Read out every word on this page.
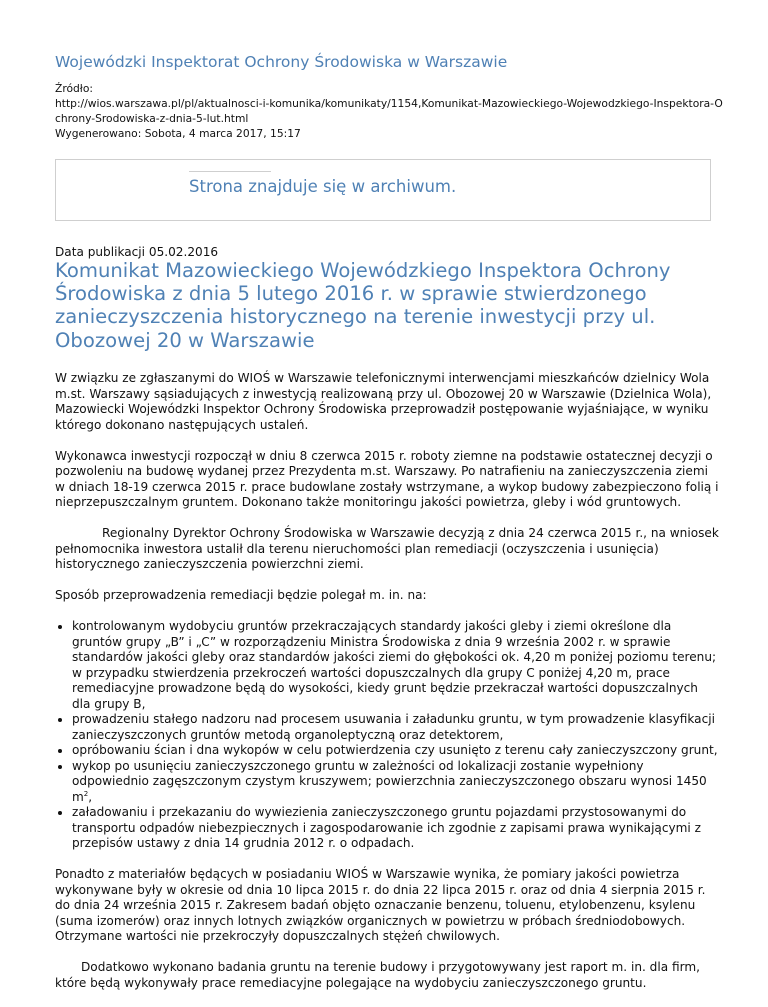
Wojewódzki Inspektorat Ochrony Środowiska w Warszawie
Źródło:
http://wios.warszawa.pl/pl/aktualnosci-i-komunika/komunikaty/1154,Komunikat-Mazowieckiego-Wojewodzkiego-Inspektora-Ochrony-Srodowiska-z-dnia-5-lut.html
Wygenerowano: Sobota, 4 marca 2017, 15:17
Strona znajduje się w archiwum.
Data publikacji 05.02.2016
Komunikat Mazowieckiego Wojewódzkiego Inspektora Ochrony Środowiska z dnia 5 lutego 2016 r. w sprawie stwierdzonego zanieczyszczenia historycznego na terenie inwestycji przy ul. Obozowej 20 w Warszawie

W związku ze zgłaszanymi do WIOŚ w Warszawie telefonicznymi interwencjami mieszkańców dzielnicy Wola m.st. Warszawy sąsiadujących z inwestycją realizowaną przy ul. Obozowej 20 w Warszawie (Dzielnica Wola), Mazowiecki Wojewódzki Inspektor Ochrony Środowiska przeprowadził postępowanie wyjaśniające, w wyniku którego dokonano następujących ustaleń.

Wykonawca inwestycji rozpoczął w dniu 8 czerwca 2015 r. roboty ziemne na podstawie ostatecznej decyzji o pozwoleniu na budowę wydanej przez Prezydenta m.st. Warszawy. Po natrafieniu na zanieczyszczenia ziemi w dniach 18-19 czerwca 2015 r. prace budowlane zostały wstrzymane, a wykop budowy zabezpieczono folią i nieprzepuszczalnym gruntem. Dokonano także monitoringu jakości powietrza, gleby i wód gruntowych.

Regionalny Dyrektor Ochrony Środowiska w Warszawie decyzją z dnia 24 czerwca 2015 r., na wniosek pełnomocnika inwestora ustalił dla terenu nieruchomości plan remediacji (oczyszczenia i usunięcia) historycznego zanieczyszczenia powierzchni ziemi.

Sposób przeprowadzenia remediacji będzie polegał m. in. na:

• kontrolowanym wydobyciu gruntów przekraczających standardy jakości gleby i ziemi określone dla gruntów grupy „B” i „C” w rozporządzeniu Ministra Środowiska z dnia 9 września 2002 r. w sprawie standardów jakości gleby oraz standardów jakości ziemi do głębokości ok. 4,20 m poniżej poziomu terenu; w przypadku stwierdzenia przekroczeń wartości dopuszczalnych dla grupy C poniżej 4,20 m, prace remediacyjne prowadzone będą do wysokości, kiedy grunt będzie przekraczał wartości dopuszczalnych dla grupy B,
• prowadzeniu stałego nadzoru nad procesem usuwania i załadunku gruntu, w tym prowadzenie klasyfikacji zanieczyszczonych gruntów metodą organoleptyczną oraz detektorem,
• opróbowaniu ścian i dna wykopów w celu potwierdzenia czy usunięto z terenu cały zanieczyszczony grunt,
• wykop po usunięciu zanieczyszczonego gruntu w zależności od lokalizacji zostanie wypełniony odpowiednio zagęszczonym czystym kruszywem; powierzchnia zanieczyszczonego obszaru wynosi 1450 $m^2$,
• załadowaniu i przekazaniu do wywiezienia zanieczyszczonego gruntu pojazdami przystosowanymi do transportu odpadów niebezpiecznych i zagospodarowanie ich zgodnie z zapisami prawa wynikającymi z przepisów ustawy z dnia 14 grudnia 2012 r. o odpadach.

Ponadto z materiałów będących w posiadaniu WIOŚ w Warszawie wynika, że pomiary jakości powietrza wykonywane były w okresie od dnia 10 lipca 2015 r. do dnia 22 lipca 2015 r. oraz od dnia 4 sierpnia 2015 r. do dnia 24 września 2015 r. Zakresem badań objęto oznaczanie benzenu, toluenu, etylobenzenu, ksylenu (suma izomerów) oraz innych lotnych związków organicznych w powietrzu w próbach średniodobowych. Otrzymane wartości nie przekroczyły dopuszczalnych stężeń chwilowych.

Dodatkowo wykonano badania gruntu na terenie budowy i przygotowywany jest raport m. in. dla firm, które będą wykonywały prace remediacyjne polegające na wydobyciu zanieczyszczonego gruntu.
